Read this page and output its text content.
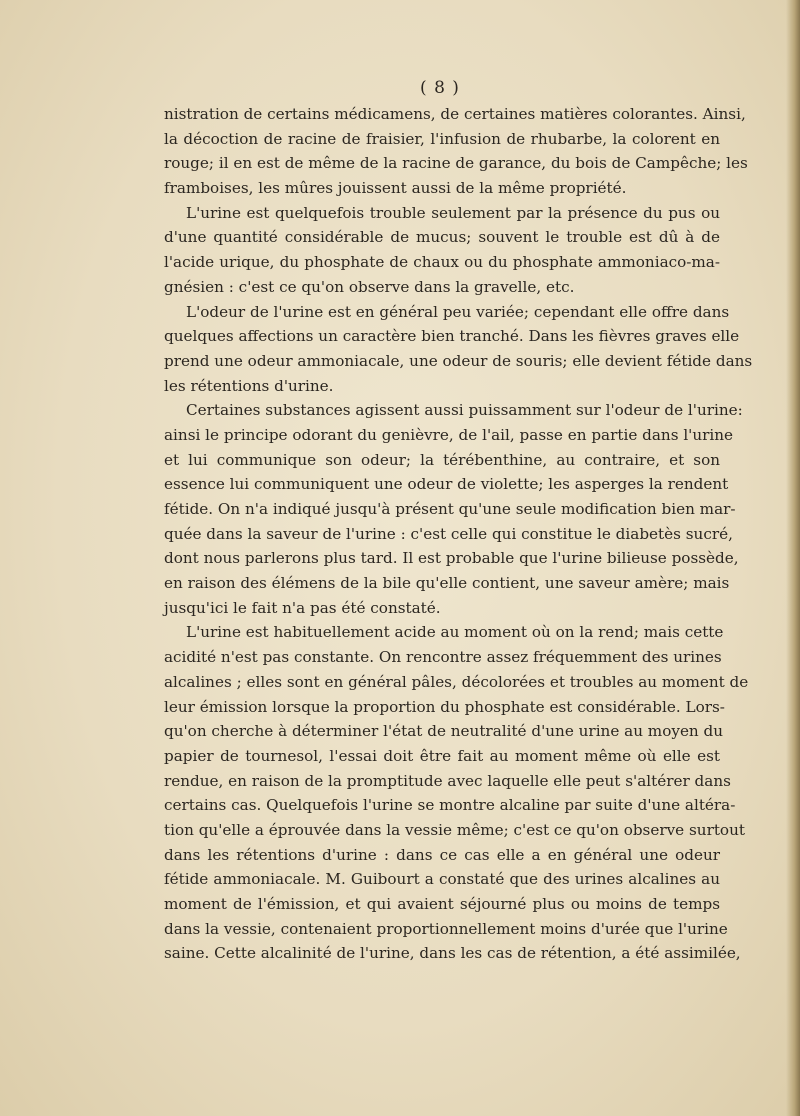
( 8 )
nistration de certains médicamens, de certaines matières colorantes. Ainsi,
la décoction de racine de fraisier, l'infusion de rhubarbe, la colorent en
rouge; il en est de même de la racine de garance, du bois de Campêche; les
framboises, les mûres jouissent aussi de la même propriété.
L'urine est quelquefois trouble seulement par la présence du pus ou
d'une quantité considérable de mucus; souvent le trouble est dû à de
l'acide urique, du phosphate de chaux ou du phosphate ammoniaco-ma-
gnésien : c'est ce qu'on observe dans la gravelle, etc.
L'odeur de l'urine est en général peu variée; cependant elle offre dans
quelques affections un caractère bien tranché. Dans les fièvres graves elle
prend une odeur ammoniacale, une odeur de souris; elle devient fétide dans
les rétentions d'urine.
Certaines substances agissent aussi puissamment sur l'odeur de l'urine:
ainsi le principe odorant du genièvre, de l'ail, passe en partie dans l'urine
et lui communique son odeur; la térébenthine, au contraire, et son
essence lui communiquent une odeur de violette; les asperges la rendent
fétide. On n'a indiqué jusqu'à présent qu'une seule modification bien mar-
quée dans la saveur de l'urine : c'est celle qui constitue le diabetès sucré,
dont nous parlerons plus tard. Il est probable que l'urine bilieuse possède,
en raison des élémens de la bile qu'elle contient, une saveur amère; mais
jusqu'ici le fait n'a pas été constaté.
L'urine est habituellement acide au moment où on la rend; mais cette
acidité n'est pas constante. On rencontre assez fréquemment des urines
alcalines ; elles sont en général pâles, décolorées et troubles au moment de
leur émission lorsque la proportion du phosphate est considérable. Lors-
qu'on cherche à déterminer l'état de neutralité d'une urine au moyen du
papier de tournesol, l'essai doit être fait au moment même où elle est
rendue, en raison de la promptitude avec laquelle elle peut s'altérer dans
certains cas. Quelquefois l'urine se montre alcaline par suite d'une altéra-
tion qu'elle a éprouvée dans la vessie même; c'est ce qu'on observe surtout
dans les rétentions d'urine : dans ce cas elle a en général une odeur
fétide ammoniacale. M. Guibourt a constaté que des urines alcalines au
moment de l'émission, et qui avaient séjourné plus ou moins de temps
dans la vessie, contenaient proportionnellement moins d'urée que l'urine
saine. Cette alcalinité de l'urine, dans les cas de rétention, a été assimilée,
